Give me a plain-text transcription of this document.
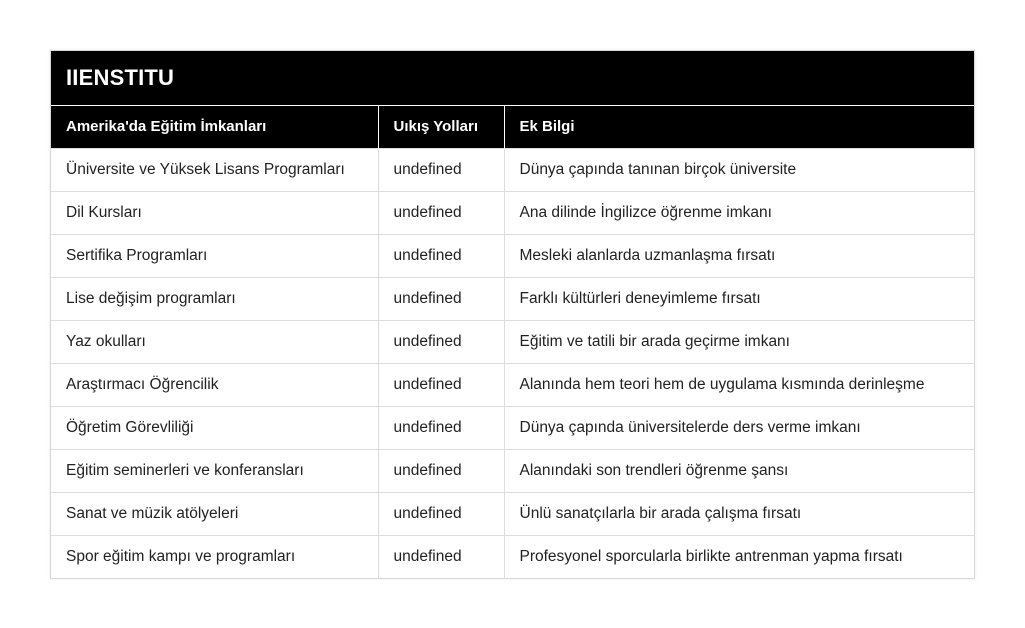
IIENSTITU		
Amerika'da Eğitim İmkanları	Uıkış Yolları	Ek Bilgi
Üniversite ve Yüksek Lisans Programları	undefined	Dünya çapında tanınan birçok üniversite
Dil Kursları	undefined	Ana dilinde İngilizce öğrenme imkanı
Sertifika Programları	undefined	Mesleki alanlarda uzmanlaşma fırsatı
Lise değişim programları	undefined	Farklı kültürleri deneyimleme fırsatı
Yaz okulları	undefined	Eğitim ve tatili bir arada geçirme imkanı
Araştırmacı Öğrencilik	undefined	Alanında hem teori hem de uygulama kısmında derinleşme
Öğretim Görevliliği	undefined	Dünya çapında üniversitelerde ders verme imkanı
Eğitim seminerleri ve konferansları	undefined	Alanındaki son trendleri öğrenme şansı
Sanat ve müzik atölyeleri	undefined	Ünlü sanatçılarla bir arada çalışma fırsatı
Spor eğitim kampı ve programları	undefined	Profesyonel sporcularla birlikte antrenman yapma fırsatı
